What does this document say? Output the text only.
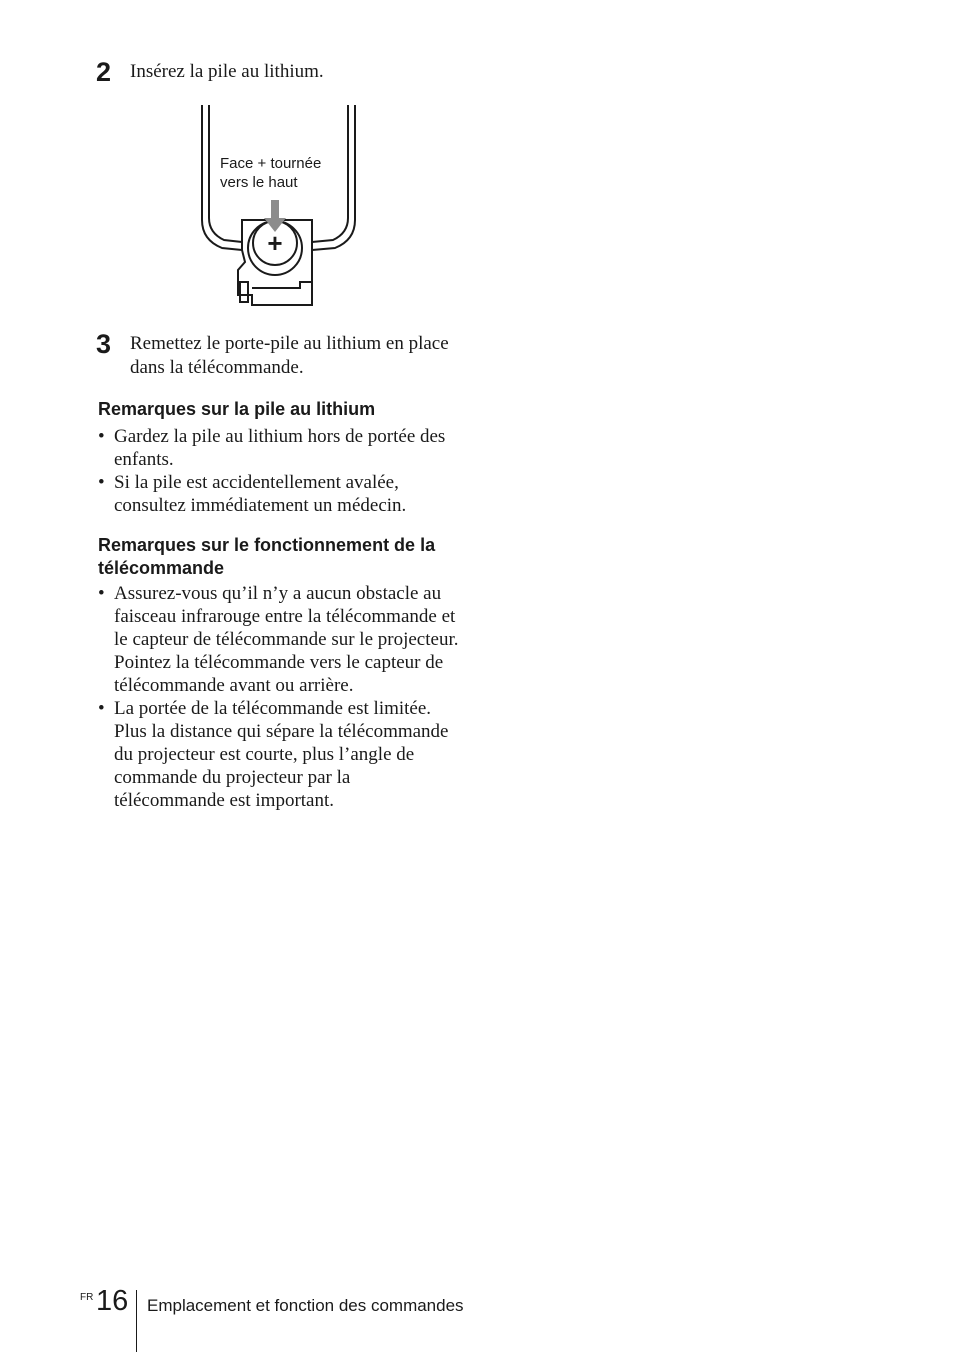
2 Insérez la pile au lithium.
+
Face + tournée
vers le haut
3 Remettez le porte-pile au lithium en place dans la télécommande.
Remarques sur la pile au lithium
• Gardez la pile au lithium hors de portée des enfants.
• Si la pile est accidentellement avalée, consultez immédiatement un médecin.
Remarques sur le fonctionnement de la télécommande
• Assurez-vous qu’il n’y a aucun obstacle au faisceau infrarouge entre la télécommande et le capteur de télécommande sur le projecteur. Pointez la télécommande vers le capteur de télécommande avant ou arrière.
• La portée de la télécommande est limitée. Plus la distance qui sépare la télécommande du projecteur est courte, plus l’angle de commande du projecteur par la télécommande est important.
FR 16 Emplacement et fonction des commandes
